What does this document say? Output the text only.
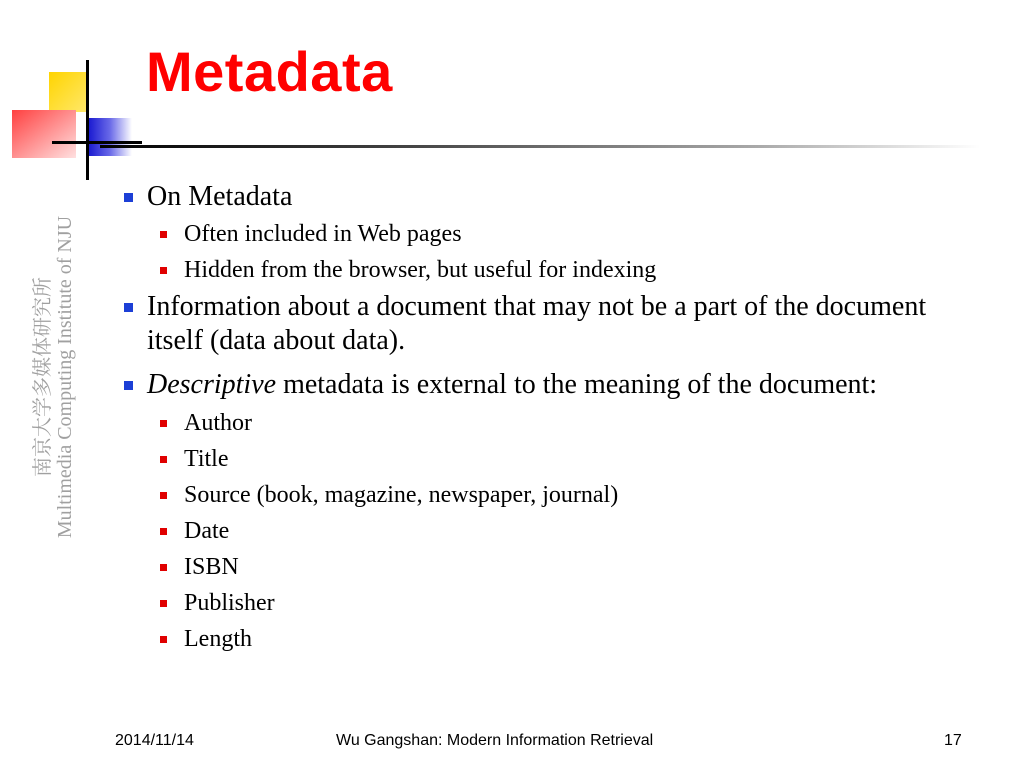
Metadata
南京大学多媒体研究所 Multimedia Computing Institute of NJU
On Metadata
Often included in Web pages
Hidden from the browser, but useful for indexing
Information about a document that may not be a part of the document itself (data about data).
Descriptive metadata is external to the meaning of the document:
Author
Title
Source (book, magazine, newspaper, journal)
Date
ISBN
Publisher
Length
2014/11/14	Wu Gangshan: Modern Information Retrieval	17
